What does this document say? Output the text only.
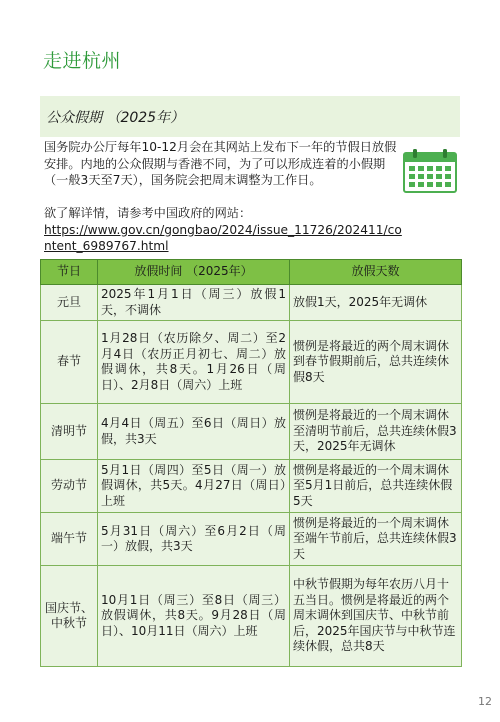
走进杭州
公众假期 （2025年）
国务院办公厅每年10-12月会在其网站上发布下一年的节假日放假安排。内地的公众假期与香港不同，为了可以形成连着的小假期（一般3天至7天），国务院会把周末调整为工作日。
欲了解详情，请参考中国政府的网站：
https://www.gov.cn/gongbao/2024/issue_11726/202411/content_6989767.html
节日	放假时间 （2025年）	放假天数
元旦	2025年1月1日（周三）放假1天，不调休	放假1天，2025年无调休
春节	1月28日（农历除夕、周二）至2月4日（农历正月初七、周二）放假调休，共8天。1月26日（周日）、2月8日（周六）上班	惯例是将最近的两个周末调休到春节假期前后，总共连续休假8天
清明节	4月4日（周五）至6日（周日）放假，共3天	惯例是将最近的一个周末调休至清明节前后，总共连续休假3天，2025年无调休
劳动节	5月1日（周四）至5日（周一）放假调休，共5天。4月27日（周日）上班	惯例是将最近的一个周末调休至5月1日前后，总共连续休假5天
端午节	5月31日（周六）至6月2日（周一）放假，共3天	惯例是将最近的一个周末调休至端午节前后，总共连续休假3天
国庆节、中秋节	10月1日（周三）至8日（周三）放假调休，共8天。9月28日（周日）、10月11日（周六）上班	中秋节假期为每年农历八月十五当日。惯例是将最近的两个周末调休到国庆节、中秋节前后，2025年国庆节与中秋节连续休假，总共8天
12
